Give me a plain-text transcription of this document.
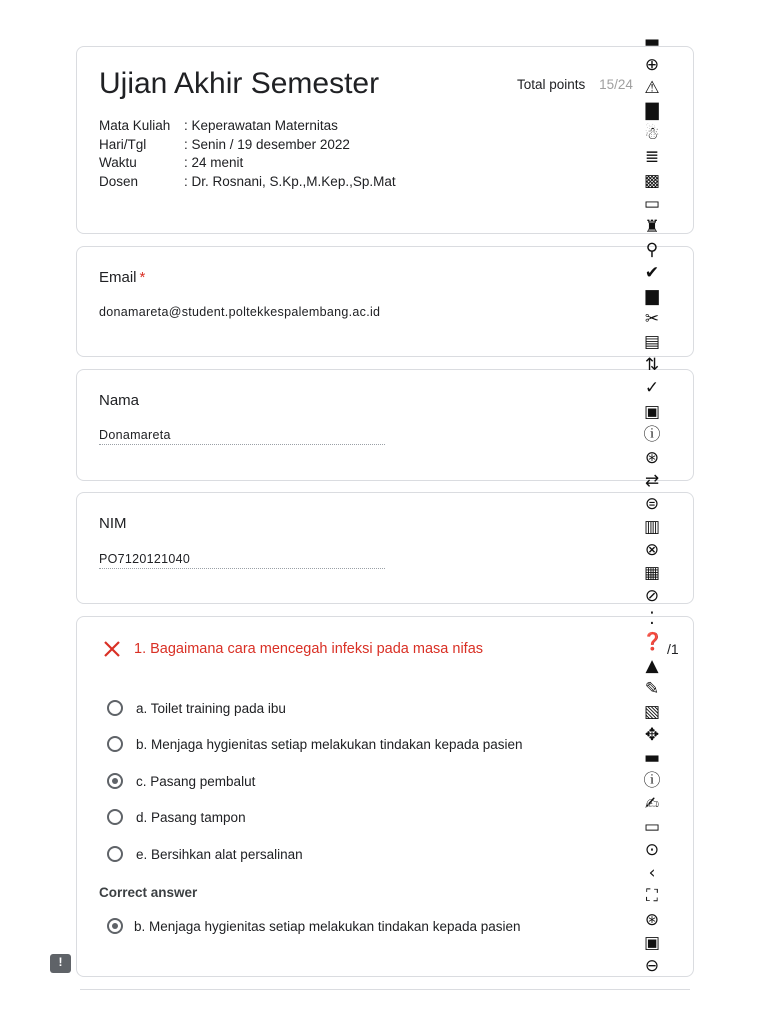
Ujian Akhir Semester	Total points 15/24
Mata Kuliah	: Keperawatan Maternitas
Hari/Tgl	: Senin / 19 desember 2022
Waktu	: 24 menit
Dosen	: Dr. Rosnani, S.Kp.,M.Kep.,Sp.Mat
Email *
donamareta@student.poltekkespalembang.ac.id
Nama
Donamareta
NIM
PO7120121040
1. Bagaimana cara mencegah infeksi pada masa nifas	/1
a. Toilet training pada ibu
b. Menjaga hygienitas setiap melakukan tindakan kepada pasien
c. Pasang pembalut
d. Pasang tampon
e. Bersihkan alat persalinan
Correct answer
b. Menjaga hygienitas setiap melakukan tindakan kepada pasien
!
▬
⊕
⚠
▇
☃
≣
▩
▭
♜
⚲
✔
▆
✂
▤
⇅
✓
▣
ⓘ
⊛
⇄
⊜
▥
⊗
▦
⊘
⁚
❓
▲
✎
▧
✥
▬
ⓘ
✍
▭
⊙
‹
⛶
⊛
▣
⊖
